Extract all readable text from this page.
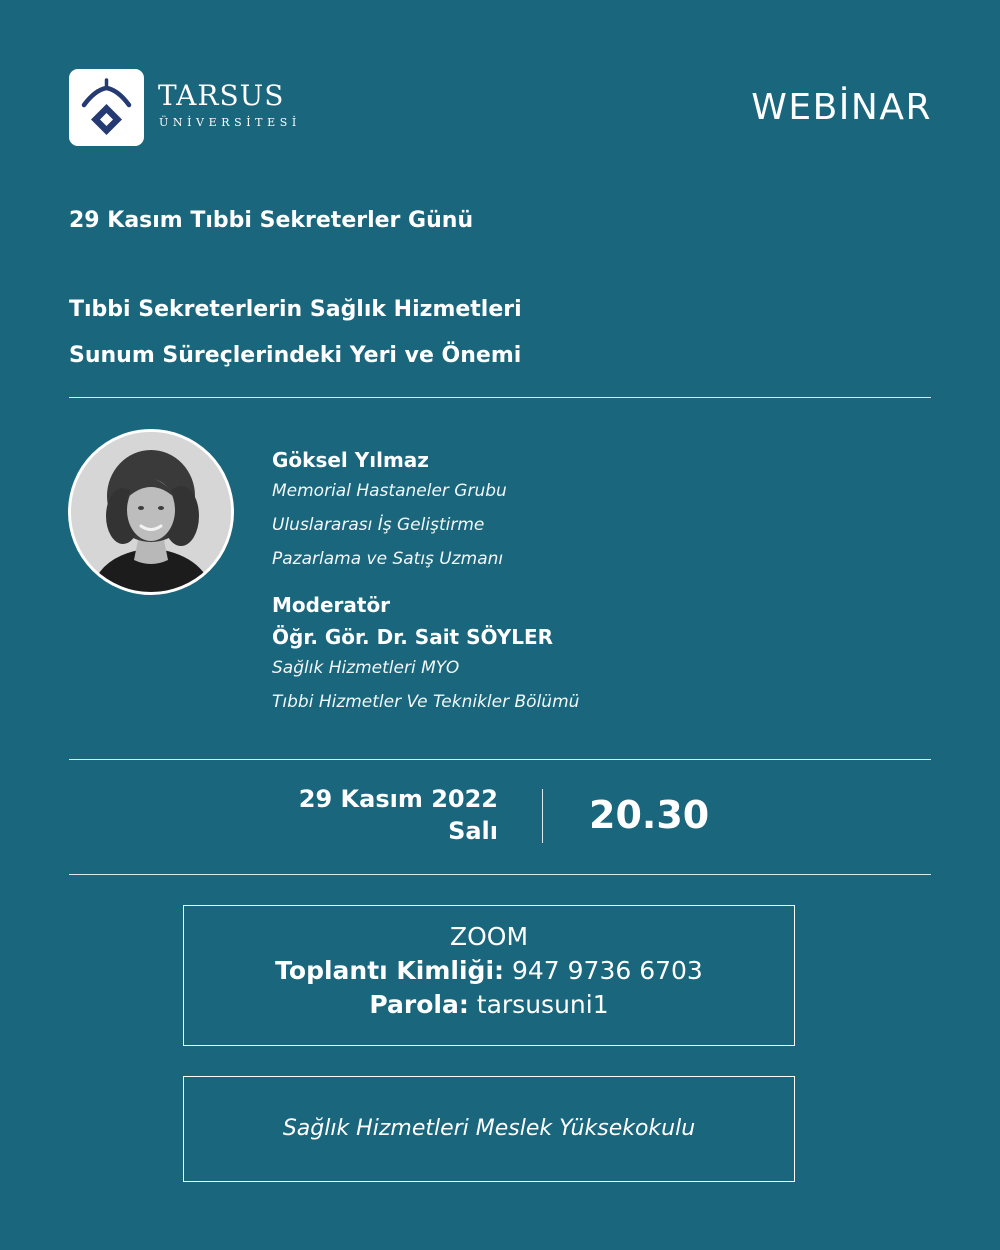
TARSUS
ÜNİVERSİTESİ	WEBİNAR
29 Kasım Tıbbi Sekreterler Günü
Tıbbi Sekreterlerin Sağlık Hizmetleri
Sunum Süreçlerindeki Yeri ve Önemi
Göksel Yılmaz
Memorial Hastaneler Grubu
Uluslararası İş Geliştirme
Pazarlama ve Satış Uzmanı
Moderatör
Öğr. Gör. Dr. Sait SÖYLER
Sağlık Hizmetleri MYO
Tıbbi Hizmetler Ve Teknikler Bölümü
29 Kasım 2022
Salı 20.30
ZOOM
Toplantı Kimliği: 947 9736 6703
Parola: tarsusuni1
Sağlık Hizmetleri Meslek Yüksekokulu
